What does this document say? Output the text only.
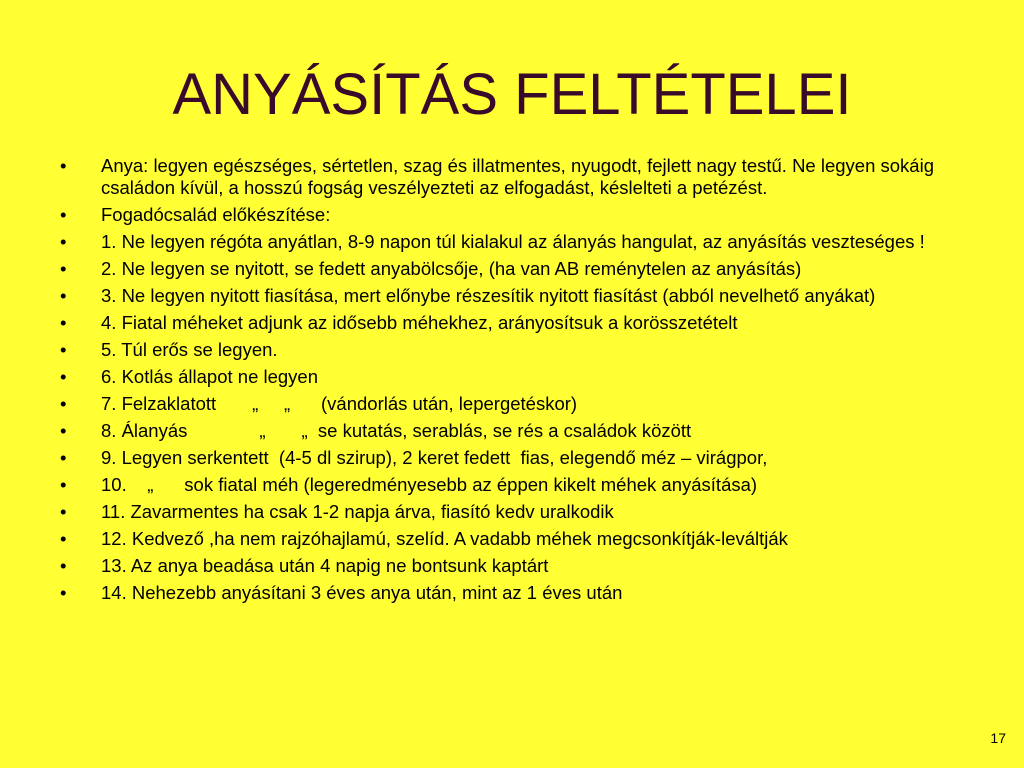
ANYÁSÍTÁS FELTÉTELEI
•	Anya: legyen egészséges, sértetlen, szag és illatmentes, nyugodt, fejlett nagy testű. Ne legyen sokáig családon kívül, a hosszú fogság veszélyezteti az elfogadást, késlelteti a petézést.
•	Fogadócsalád előkészítése:
•	1. Ne legyen régóta anyátlan, 8-9 napon túl kialakul az álanyás hangulat, az anyásítás veszteséges !
•	2. Ne legyen se nyitott, se fedett anyabölcsője, (ha van AB reménytelen az anyásítás)
•	3. Ne legyen nyitott fiasítása, mert előnybe részesítik nyitott fiasítást (abból nevelhető anyákat)
•	4. Fiatal méheket adjunk az idősebb méhekhez, arányosítsuk a korösszetételt
•	5. Túl erős se legyen.
•	6. Kotlás állapot ne legyen
•	7. Felzaklatott       „     „      (vándorlás után, lepergetéskor)
•	8. Álanyás              „       „  se kutatás, serablás, se rés a családok között
•	9. Legyen serkentett  (4-5 dl szirup), 2 keret fedett  fias, elegendő méz – virágpor,
•	10.    „      sok fiatal méh (legeredményesebb az éppen kikelt méhek anyásítása)
•	11. Zavarmentes ha csak 1-2 napja árva, fiasító kedv uralkodik
•	12. Kedvező ,ha nem rajzóhajlamú, szelíd. A vadabb méhek megcsonkítják-leváltják
•	13. Az anya beadása után 4 napig ne bontsunk kaptárt
•	14. Nehezebb anyásítani 3 éves anya után, mint az 1 éves után
17
